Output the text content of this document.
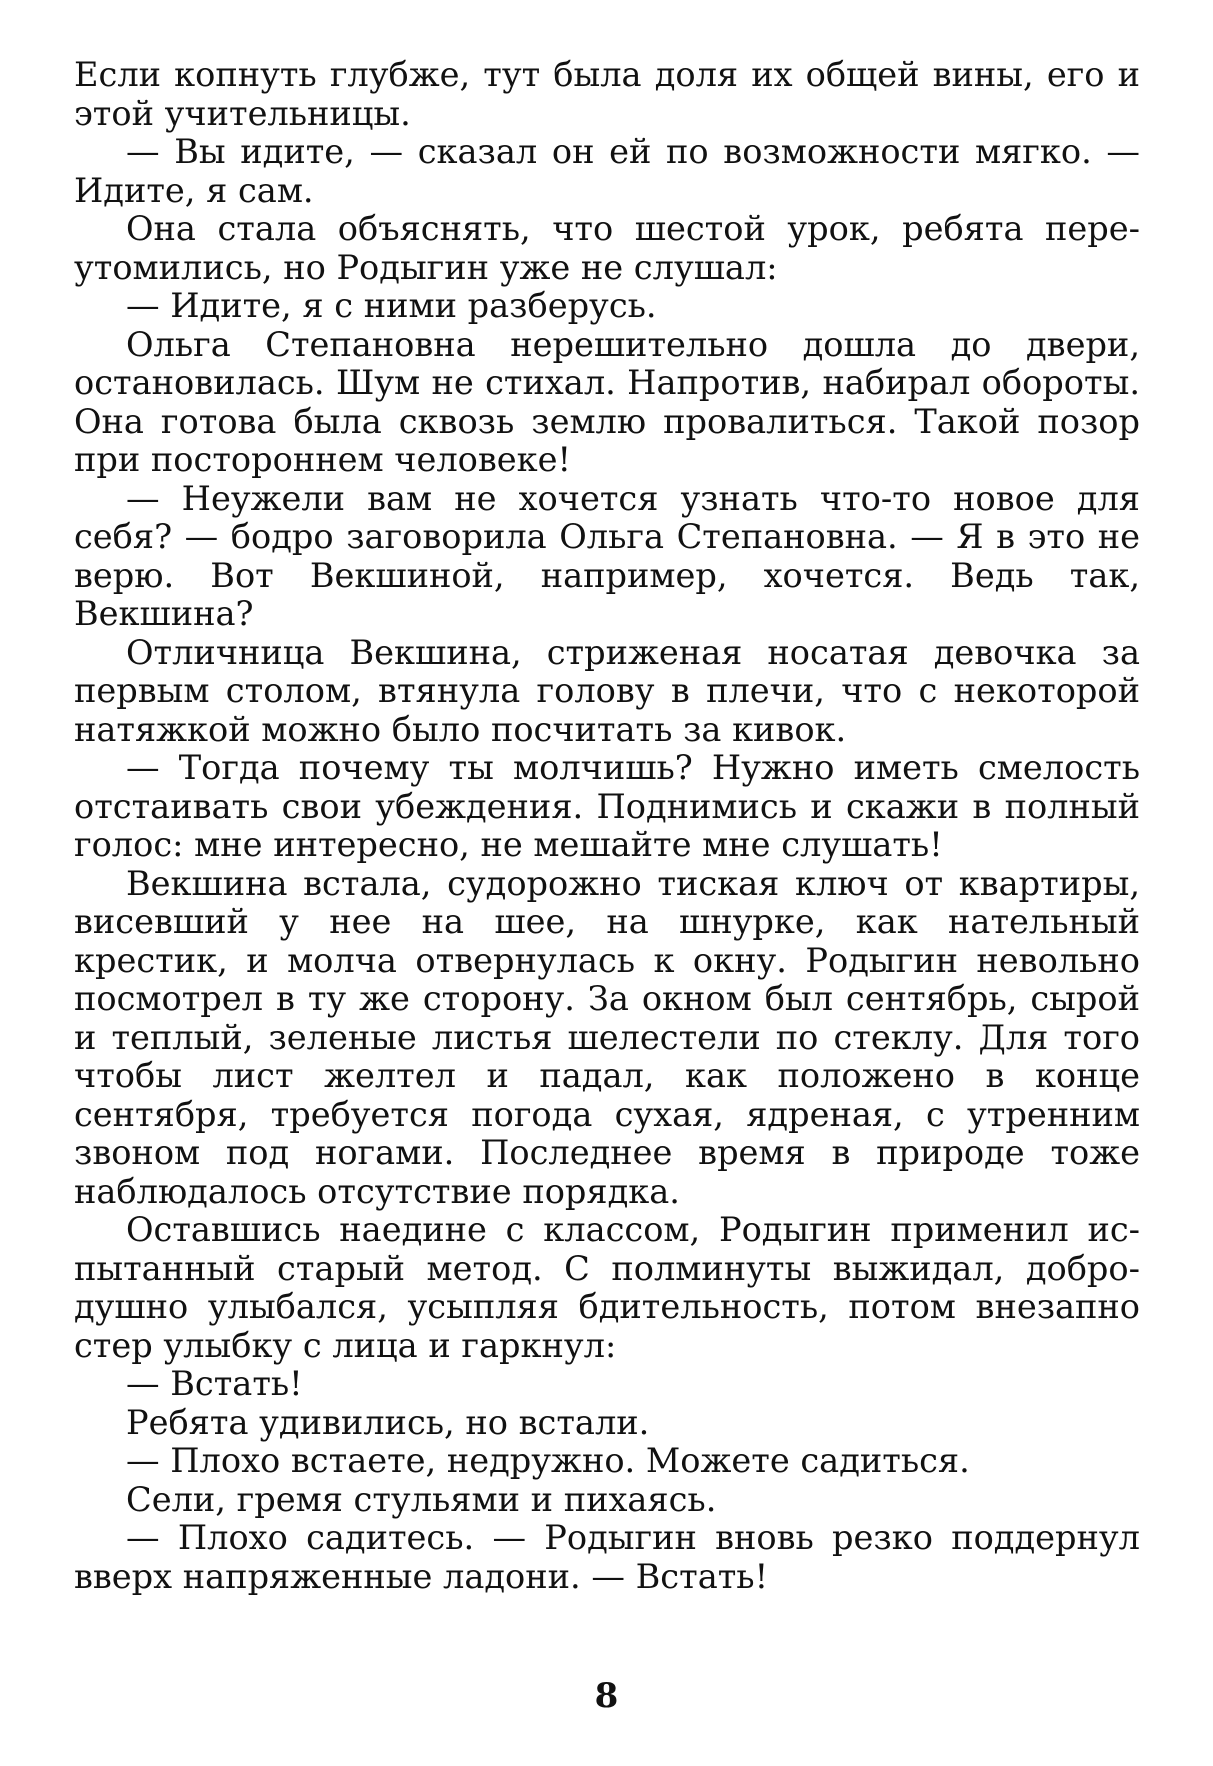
Если копнуть глубже, тут была доля их общей вины, его и этой учительницы.

— Вы идите, — сказал он ей по возможности мягко. — Идите, я сам.

Она стала объяснять, что шестой урок, ребята переутомились, но Родыгин уже не слушал:

— Идите, я с ними разберусь.

Ольга Степановна нерешительно дошла до двери, остановилась. Шум не стихал. Напротив, набирал обороты. Она готова была сквозь землю провалиться. Такой позор при постороннем человеке!

— Неужели вам не хочется узнать что-то новое для себя? — бодро заговорила Ольга Степановна. — Я в это не верю. Вот Векшиной, например, хочется. Ведь так, Векшина?

Отличница Векшина, стриженая носатая девочка за первым столом, втянула голову в плечи, что с некоторой натяжкой можно было посчитать за кивок.

— Тогда почему ты молчишь? Нужно иметь смелость отстаивать свои убеждения. Поднимись и скажи в полный голос: мне интересно, не мешайте мне слушать!

Векшина встала, судорожно тиская ключ от квартиры, висевший у нее на шее, на шнурке, как нательный крестик, и молча отвернулась к окну. Родыгин невольно посмотрел в ту же сторону. За окном был сентябрь, сырой и теплый, зеленые листья шелестели по стеклу. Для того чтобы лист желтел и падал, как положено в конце сентября, требуется погода сухая, ядреная, с утренним звоном под ногами. Последнее время в природе тоже наблюдалось отсутствие порядка.

Оставшись наедине с классом, Родыгин применил испытанный старый метод. С полминуты выжидал, добродушно улыбался, усыпляя бдительность, потом внезапно стер улыбку с лица и гаркнул:

— Встать!

Ребята удивились, но встали.

— Плохо встаете, недружно. Можете садиться.

Сели, гремя стульями и пихаясь.

— Плохо садитесь. — Родыгин вновь резко поддернул вверх напряженные ладони. — Встать!

8
